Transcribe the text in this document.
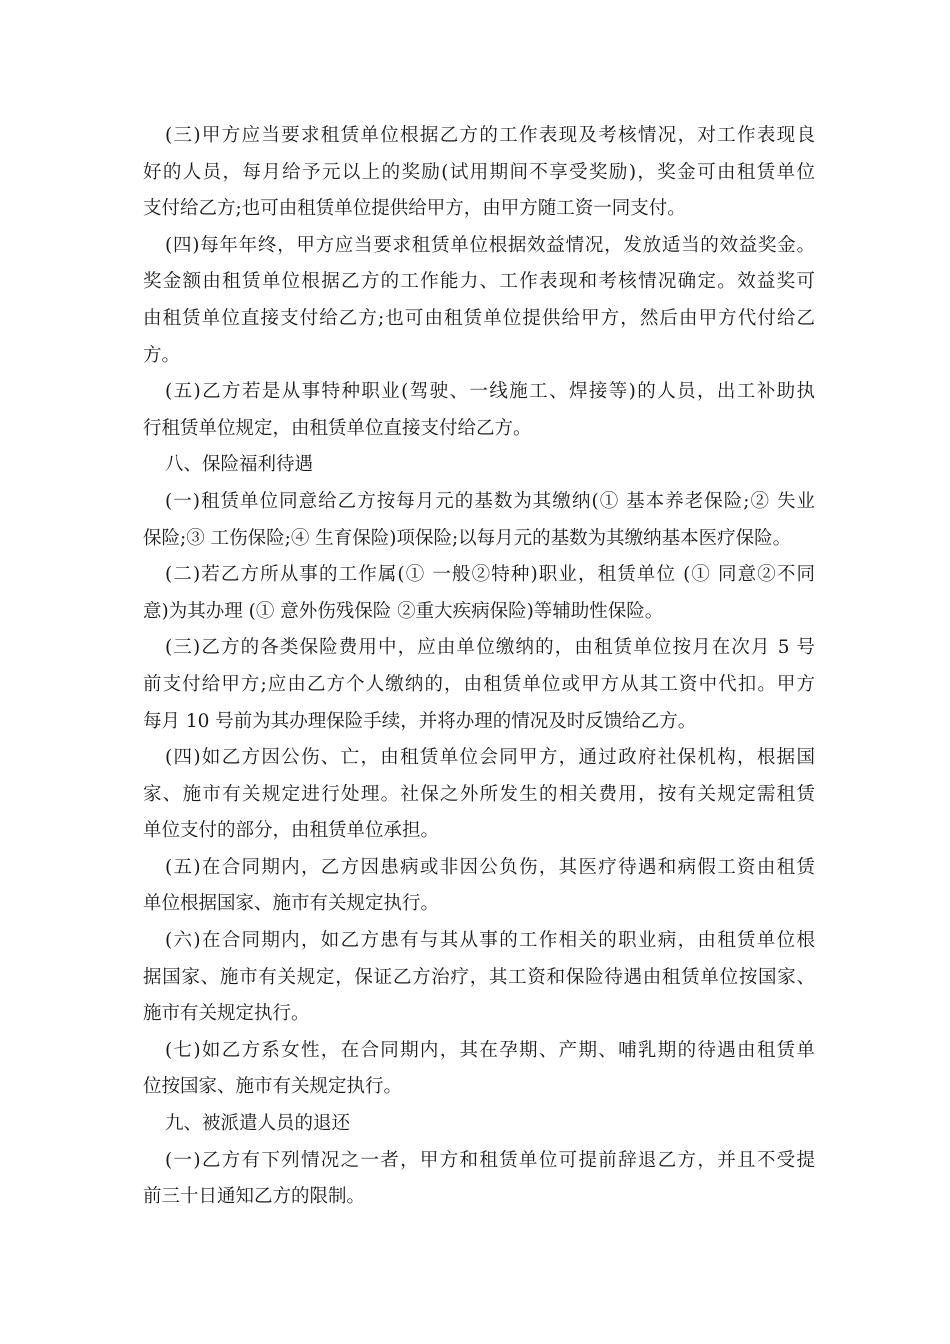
(三)甲方应当要求租赁单位根据乙方的工作表现及考核情况，对工作表现良
好的人员，每月给予元以上的奖励(试用期间不享受奖励)，奖金可由租赁单位
支付给乙方;也可由租赁单位提供给甲方，由甲方随工资一同支付。
(四)每年年终，甲方应当要求租赁单位根据效益情况，发放适当的效益奖金。
奖金额由租赁单位根据乙方的工作能力、工作表现和考核情况确定。效益奖可
由租赁单位直接支付给乙方;也可由租赁单位提供给甲方，然后由甲方代付给乙
方。
(五)乙方若是从事特种职业(驾驶、一线施工、焊接等)的人员，出工补助执
行租赁单位规定，由租赁单位直接支付给乙方。
八、保险福利待遇
(一)租赁单位同意给乙方按每月元的基数为其缴纳(① 基本养老保险;② 失业
保险;③ 工伤保险;④ 生育保险)项保险;以每月元的基数为其缴纳基本医疗保险。
(二)若乙方所从事的工作属(① 一般②特种)职业，租赁单位 (① 同意②不同
意)为其办理 (① 意外伤残保险 ②重大疾病保险)等辅助性保险。
(三)乙方的各类保险费用中，应由单位缴纳的，由租赁单位按月在次月 5 号
前支付给甲方;应由乙方个人缴纳的，由租赁单位或甲方从其工资中代扣。甲方
每月 10 号前为其办理保险手续，并将办理的情况及时反馈给乙方。
(四)如乙方因公伤、亡，由租赁单位会同甲方，通过政府社保机构，根据国
家、施市有关规定进行处理。社保之外所发生的相关费用，按有关规定需租赁
单位支付的部分，由租赁单位承担。
(五)在合同期内，乙方因患病或非因公负伤，其医疗待遇和病假工资由租赁
单位根据国家、施市有关规定执行。
(六)在合同期内，如乙方患有与其从事的工作相关的职业病，由租赁单位根
据国家、施市有关规定，保证乙方治疗，其工资和保险待遇由租赁单位按国家、
施市有关规定执行。
(七)如乙方系女性，在合同期内，其在孕期、产期、哺乳期的待遇由租赁单
位按国家、施市有关规定执行。
九、被派遣人员的退还
(一)乙方有下列情况之一者，甲方和租赁单位可提前辞退乙方，并且不受提
前三十日通知乙方的限制。
